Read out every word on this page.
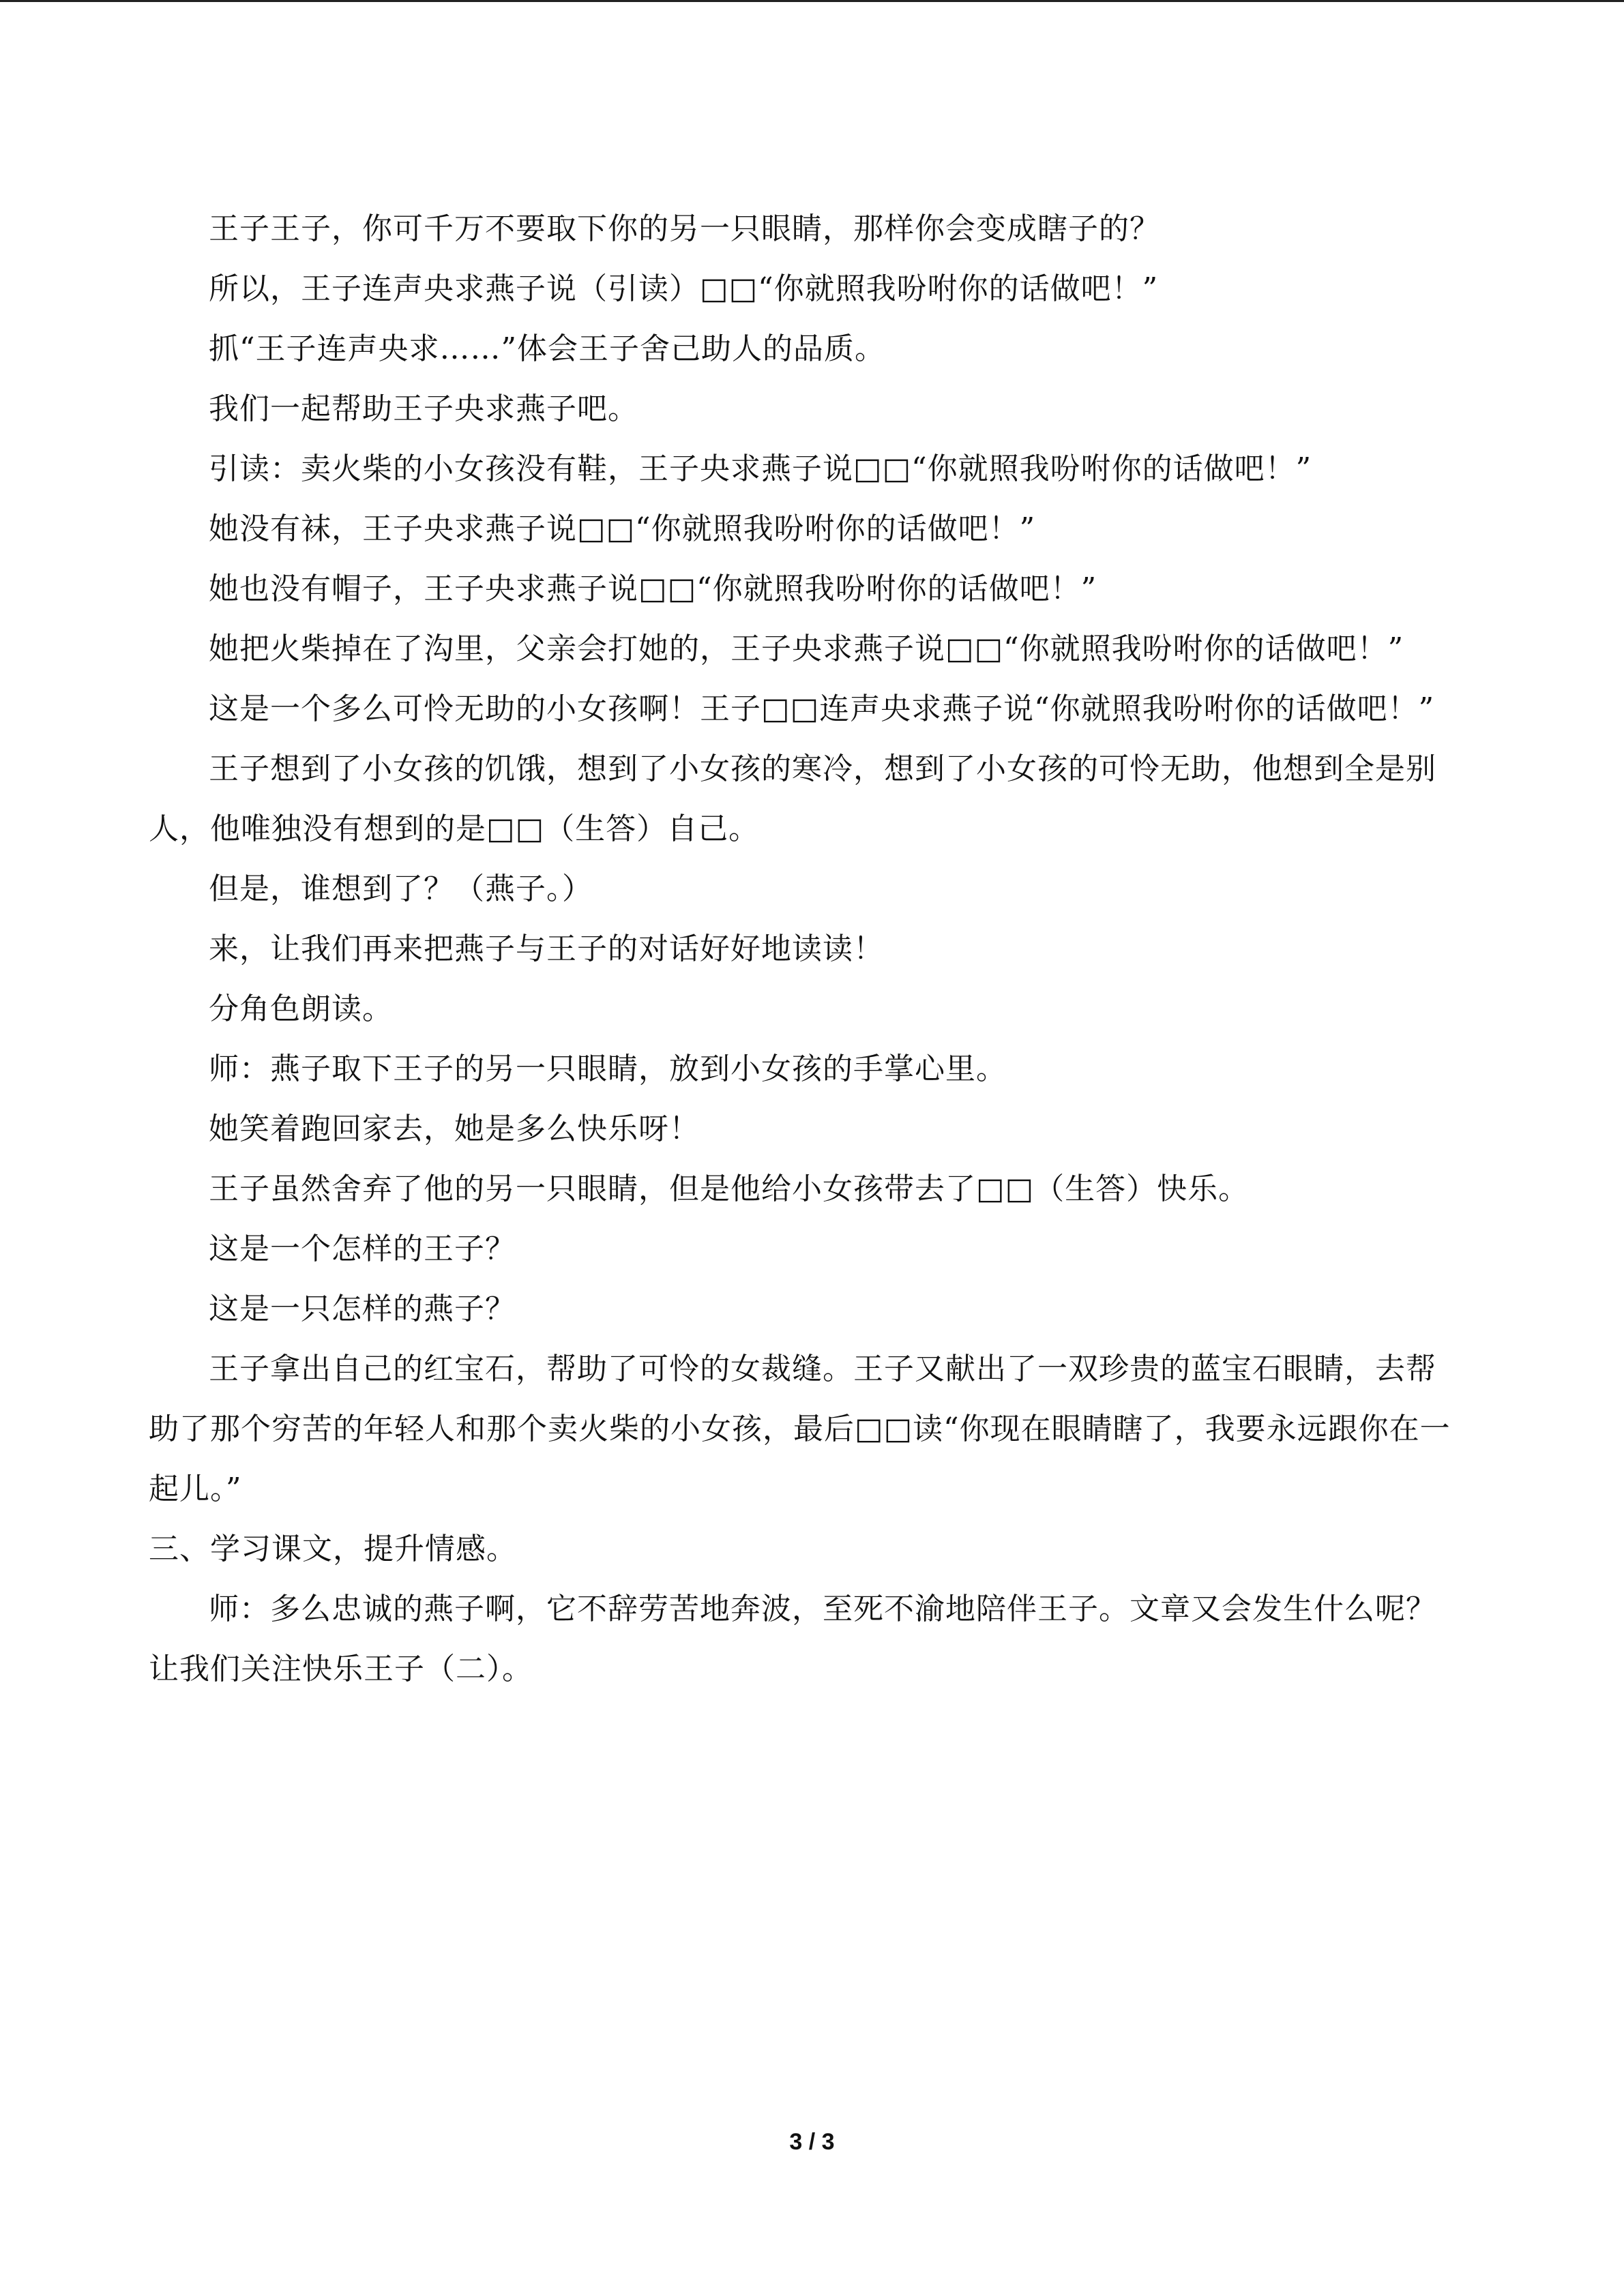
王子王子，你可千万不要取下你的另一只眼睛，那样你会变成瞎子的？

所以，王子连声央求燕子说（引读）□□“你就照我吩咐你的话做吧！”

抓“王子连声央求……”体会王子舍己助人的品质。

我们一起帮助王子央求燕子吧。

引读：卖火柴的小女孩没有鞋，王子央求燕子说□□“你就照我吩咐你的话做吧！”

她没有袜，王子央求燕子说□□“你就照我吩咐你的话做吧！”

她也没有帽子，王子央求燕子说□□“你就照我吩咐你的话做吧！”

她把火柴掉在了沟里，父亲会打她的，王子央求燕子说□□“你就照我吩咐你的话做吧！”

这是一个多么可怜无助的小女孩啊！王子□□连声央求燕子说“你就照我吩咐你的话做吧！”

王子想到了小女孩的饥饿，想到了小女孩的寒冷，想到了小女孩的可怜无助，他想到全是别人，他唯独没有想到的是□□（生答）自己。

但是，谁想到了？（燕子。）

来，让我们再来把燕子与王子的对话好好地读读！

分角色朗读。

师：燕子取下王子的另一只眼睛，放到小女孩的手掌心里。

她笑着跑回家去，她是多么快乐呀！

王子虽然舍弃了他的另一只眼睛，但是他给小女孩带去了□□（生答）快乐。

这是一个怎样的王子？

这是一只怎样的燕子？

王子拿出自己的红宝石，帮助了可怜的女裁缝。王子又献出了一双珍贵的蓝宝石眼睛，去帮助了那个穷苦的年轻人和那个卖火柴的小女孩，最后□□读“你现在眼睛瞎了，我要永远跟你在一起儿。”

三、学习课文，提升情感。

师：多么忠诚的燕子啊，它不辞劳苦地奔波，至死不渝地陪伴王子。文章又会发生什么呢？让我们关注快乐王子（二）。

3 / 3
